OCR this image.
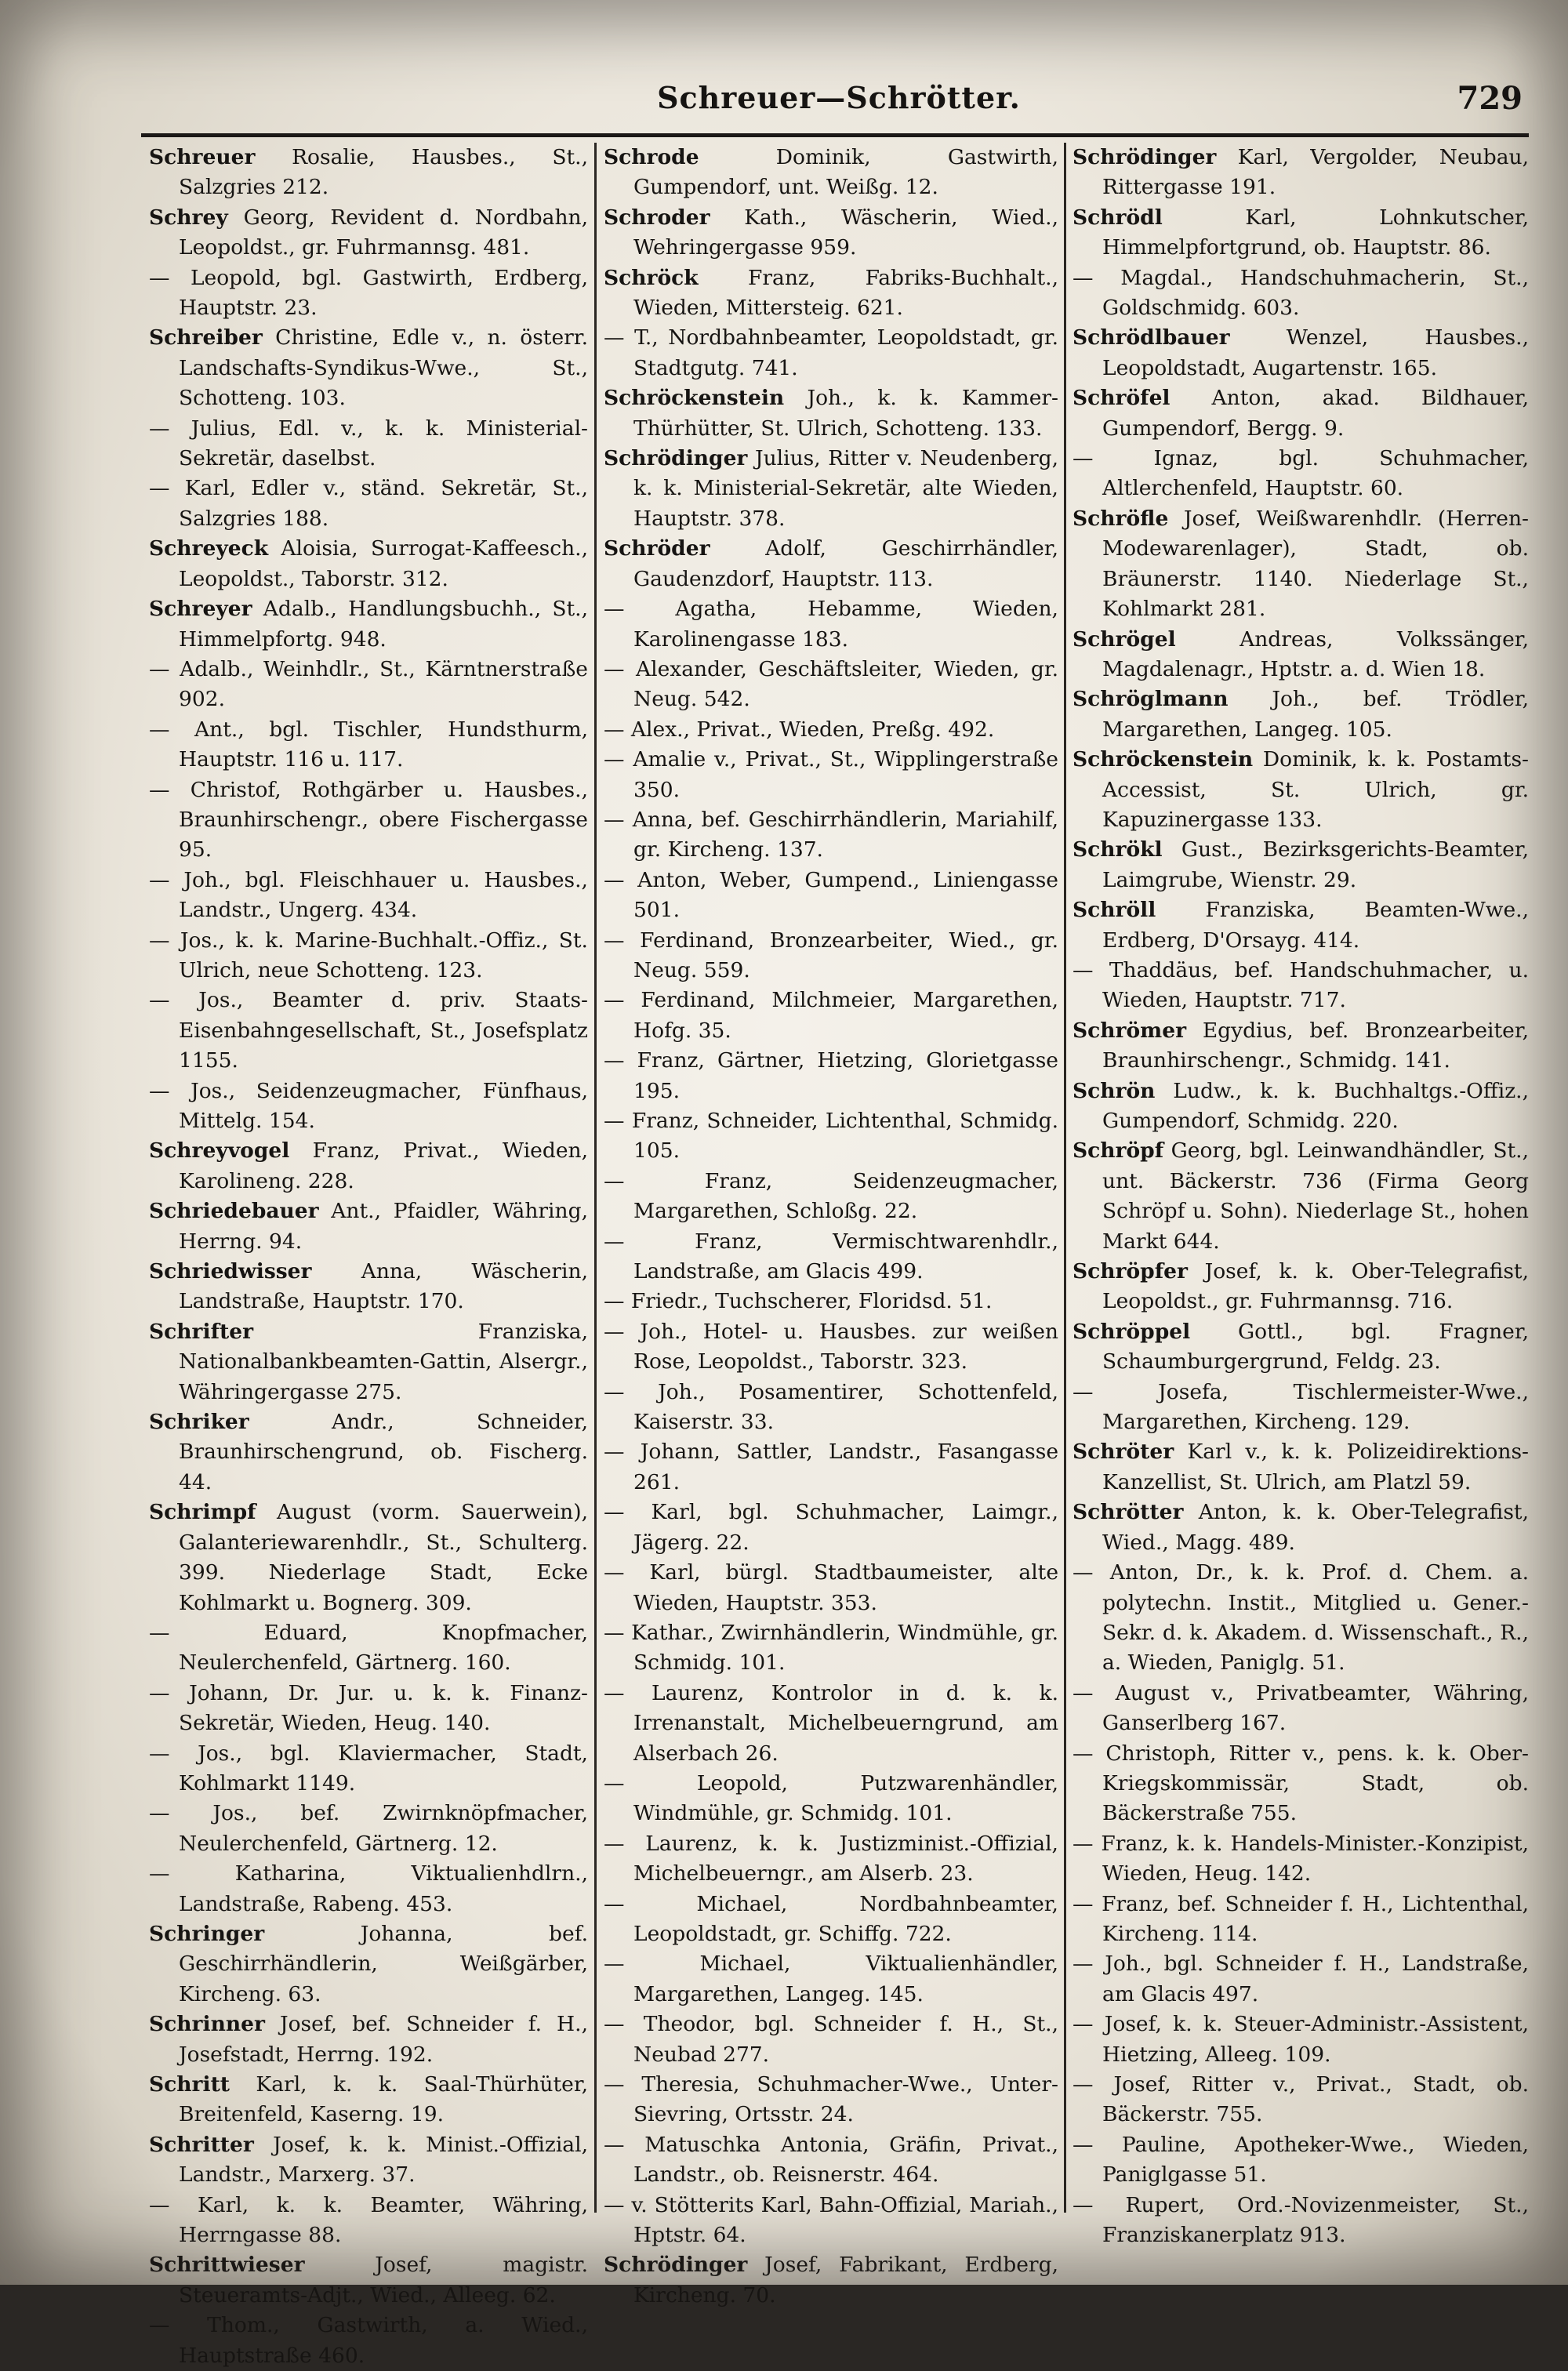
Schreuer—Schrötter.	729
Schreuer Rosalie, Hausbes., St., Salzgries 212.
Schrey Georg, Revident d. Nordbahn, Leopoldst., gr. Fuhrmannsg. 481.
— Leopold, bgl. Gastwirth, Erdberg, Hauptstr. 23.
Schreiber Christine, Edle v., n. österr. Landschafts-Syndikus-Wwe., St., Schotteng. 103.
— Julius, Edl. v., k. k. Ministerial-Sekretär, daselbst.
— Karl, Edler v., ständ. Sekretär, St., Salzgries 188.
Schreyeck Aloisia, Surrogat-Kaffeesch., Leopoldst., Taborstr. 312.
Schreyer Adalb., Handlungsbuchh., St., Himmelpfortg. 948.
— Adalb., Weinhdlr., St., Kärntnerstraße 902.
— Ant., bgl. Tischler, Hundsthurm, Hauptstr. 116 u. 117.
— Christof, Rothgärber u. Hausbes., Braunhirschengr., obere Fischergasse 95.
— Joh., bgl. Fleischhauer u. Hausbes., Landstr., Ungerg. 434.
— Jos., k. k. Marine-Buchhalt.-Offiz., St. Ulrich, neue Schotteng. 123.
— Jos., Beamter d. priv. Staats-Eisenbahngesellschaft, St., Josefsplatz 1155.
— Jos., Seidenzeugmacher, Fünfhaus, Mittelg. 154.
Schreyvogel Franz, Privat., Wieden, Karolineng. 228.
Schriedebauer Ant., Pfaidler, Währing, Herrng. 94.
Schriedwisser Anna, Wäscherin, Landstraße, Hauptstr. 170.
Schrifter Franziska, Nationalbankbeamten-Gattin, Alsergr., Währingergasse 275.
Schriker Andr., Schneider, Braunhirschengrund, ob. Fischerg. 44.
Schrimpf August (vorm. Sauerwein), Galanteriewarenhdlr., St., Schulterg. 399. Niederlage Stadt, Ecke Kohlmarkt u. Bognerg. 309.
— Eduard, Knopfmacher, Neulerchenfeld, Gärtnerg. 160.
— Johann, Dr. Jur. u. k. k. Finanz-Sekretär, Wieden, Heug. 140.
— Jos., bgl. Klaviermacher, Stadt, Kohlmarkt 1149.
— Jos., bef. Zwirnknöpfmacher, Neulerchenfeld, Gärtnerg. 12.
— Katharina, Viktualienhdlrn., Landstraße, Rabeng. 453.
Schringer Johanna, bef. Geschirrhändlerin, Weißgärber, Kircheng. 63.
Schrinner Josef, bef. Schneider f. H., Josefstadt, Herrng. 192.
Schritt Karl, k. k. Saal-Thürhüter, Breitenfeld, Kaserng. 19.
Schritter Josef, k. k. Minist.-Offizial, Landstr., Marxerg. 37.
— Karl, k. k. Beamter, Währing, Herrngasse 88.
Schrittwieser Josef, magistr. Steueramts-Adjt., Wied., Alleeg. 62.
— Thom., Gastwirth, a. Wied., Hauptstraße 460.
Schrode Dominik, Gastwirth, Gumpendorf, unt. Weißg. 12.
Schroder Kath., Wäscherin, Wied., Wehringergasse 959.
Schröck Franz, Fabriks-Buchhalt., Wieden, Mittersteig. 621.
— T., Nordbahnbeamter, Leopoldstadt, gr. Stadtgutg. 741.
Schröckenstein Joh., k. k. Kammer-Thürhütter, St. Ulrich, Schotteng. 133.
Schrödinger Julius, Ritter v. Neudenberg, k. k. Ministerial-Sekretär, alte Wieden, Hauptstr. 378.
Schröder Adolf, Geschirrhändler, Gaudenzdorf, Hauptstr. 113.
— Agatha, Hebamme, Wieden, Karolinengasse 183.
— Alexander, Geschäftsleiter, Wieden, gr. Neug. 542.
— Alex., Privat., Wieden, Preßg. 492.
— Amalie v., Privat., St., Wipplingerstraße 350.
— Anna, bef. Geschirrhändlerin, Mariahilf, gr. Kircheng. 137.
— Anton, Weber, Gumpend., Liniengasse 501.
— Ferdinand, Bronzearbeiter, Wied., gr. Neug. 559.
— Ferdinand, Milchmeier, Margarethen, Hofg. 35.
— Franz, Gärtner, Hietzing, Glorietgasse 195.
— Franz, Schneider, Lichtenthal, Schmidg. 105.
— Franz, Seidenzeugmacher, Margarethen, Schloßg. 22.
— Franz, Vermischtwarenhdlr., Landstraße, am Glacis 499.
— Friedr., Tuchscherer, Floridsd. 51.
— Joh., Hotel- u. Hausbes. zur weißen Rose, Leopoldst., Taborstr. 323.
— Joh., Posamentirer, Schottenfeld, Kaiserstr. 33.
— Johann, Sattler, Landstr., Fasangasse 261.
— Karl, bgl. Schuhmacher, Laimgr., Jägerg. 22.
— Karl, bürgl. Stadtbaumeister, alte Wieden, Hauptstr. 353.
— Kathar., Zwirnhändlerin, Windmühle, gr. Schmidg. 101.
— Laurenz, Kontrolor in d. k. k. Irrenanstalt, Michelbeuerngrund, am Alserbach 26.
— Leopold, Putzwarenhändler, Windmühle, gr. Schmidg. 101.
— Laurenz, k. k. Justizminist.-Offizial, Michelbeuerngr., am Alserb. 23.
— Michael, Nordbahnbeamter, Leopoldstadt, gr. Schiffg. 722.
— Michael, Viktualienhändler, Margarethen, Langeg. 145.
— Theodor, bgl. Schneider f. H., St., Neubad 277.
— Theresia, Schuhmacher-Wwe., Unter-Sievring, Ortsstr. 24.
— Matuschka Antonia, Gräfin, Privat., Landstr., ob. Reisnerstr. 464.
— v. Stötterits Karl, Bahn-Offizial, Mariah., Hptstr. 64.
Schrödinger Josef, Fabrikant, Erdberg, Kircheng. 70.
Schrödinger Karl, Vergolder, Neubau, Rittergasse 191.
Schrödl Karl, Lohnkutscher, Himmelpfortgrund, ob. Hauptstr. 86.
— Magdal., Handschuhmacherin, St., Goldschmidg. 603.
Schrödlbauer Wenzel, Hausbes., Leopoldstadt, Augartenstr. 165.
Schröfel Anton, akad. Bildhauer, Gumpendorf, Bergg. 9.
— Ignaz, bgl. Schuhmacher, Altlerchenfeld, Hauptstr. 60.
Schröfle Josef, Weißwarenhdlr. (Herren-Modewarenlager), Stadt, ob. Bräunerstr. 1140. Niederlage St., Kohlmarkt 281.
Schrögel Andreas, Volkssänger, Magdalenagr., Hptstr. a. d. Wien 18.
Schröglmann Joh., bef. Trödler, Margarethen, Langeg. 105.
Schröckenstein Dominik, k. k. Postamts-Accessist, St. Ulrich, gr. Kapuzinergasse 133.
Schrökl Gust., Bezirksgerichts-Beamter, Laimgrube, Wienstr. 29.
Schröll Franziska, Beamten-Wwe., Erdberg, D'Orsayg. 414.
— Thaddäus, bef. Handschuhmacher, u. Wieden, Hauptstr. 717.
Schrömer Egydius, bef. Bronzearbeiter, Braunhirschengr., Schmidg. 141.
Schrön Ludw., k. k. Buchhaltgs.-Offiz., Gumpendorf, Schmidg. 220.
Schröpf Georg, bgl. Leinwandhändler, St., unt. Bäckerstr. 736 (Firma Georg Schröpf u. Sohn). Niederlage St., hohen Markt 644.
Schröpfer Josef, k. k. Ober-Telegrafist, Leopoldst., gr. Fuhrmannsg. 716.
Schröppel Gottl., bgl. Fragner, Schaumburgergrund, Feldg. 23.
— Josefa, Tischlermeister-Wwe., Margarethen, Kircheng. 129.
Schröter Karl v., k. k. Polizeidirektions-Kanzellist, St. Ulrich, am Platzl 59.
Schrötter Anton, k. k. Ober-Telegrafist, Wied., Magg. 489.
— Anton, Dr., k. k. Prof. d. Chem. a. polytechn. Instit., Mitglied u. Gener.-Sekr. d. k. Akadem. d. Wissenschaft., R., a. Wieden, Paniglg. 51.
— August v., Privatbeamter, Währing, Ganserlberg 167.
— Christoph, Ritter v., pens. k. k. Ober-Kriegskommissär, Stadt, ob. Bäckerstraße 755.
— Franz, k. k. Handels-Minister.-Konzipist, Wieden, Heug. 142.
— Franz, bef. Schneider f. H., Lichtenthal, Kircheng. 114.
— Joh., bgl. Schneider f. H., Landstraße, am Glacis 497.
— Josef, k. k. Steuer-Administr.-Assistent, Hietzing, Alleeg. 109.
— Josef, Ritter v., Privat., Stadt, ob. Bäckerstr. 755.
— Pauline, Apotheker-Wwe., Wieden, Paniglgasse 51.
— Rupert, Ord.-Novizenmeister, St., Franziskanerplatz 913.
